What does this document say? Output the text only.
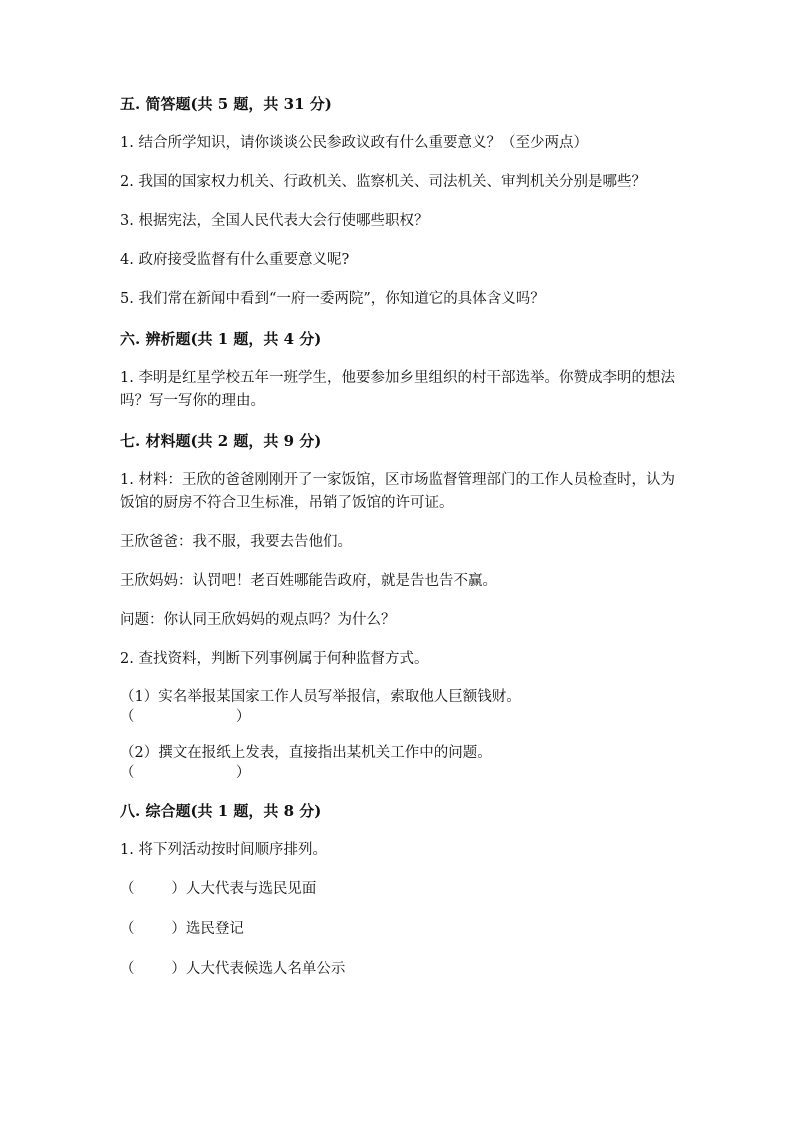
五. 简答题(共 5 题，共 31 分)
1. 结合所学知识，请你谈谈公民参政议政有什么重要意义？（至少两点）
2. 我国的国家权力机关、行政机关、监察机关、司法机关、审判机关分别是哪些？
3. 根据宪法，全国人民代表大会行使哪些职权？
4. 政府接受监督有什么重要意义呢?
5. 我们常在新闻中看到“一府一委两院”，你知道它的具体含义吗？
六. 辨析题(共 1 题，共 4 分)
1. 李明是红星学校五年一班学生，他要参加乡里组织的村干部选举。你赞成李明的想法吗？写一写你的理由。
七. 材料题(共 2 题，共 9 分)
1. 材料：王欣的爸爸刚刚开了一家饭馆，区市场监督管理部门的工作人员检查时，认为饭馆的厨房不符合卫生标准，吊销了饭馆的许可证。
王欣爸爸：我不服，我要去告他们。
王欣妈妈：认罚吧！老百姓哪能告政府，就是告也告不赢。
问题：你认同王欣妈妈的观点吗？为什么？
2. 查找资料，判断下列事例属于何种监督方式。
（1）实名举报某国家工作人员写举报信，索取他人巨额钱财。
（                      ）
（2）撰文在报纸上发表，直接指出某机关工作中的问题。
（                      ）
八. 综合题(共 1 题，共 8 分)
1. 将下列活动按时间顺序排列。
（        ）人大代表与选民见面
（        ）选民登记
（        ）人大代表候选人名单公示
